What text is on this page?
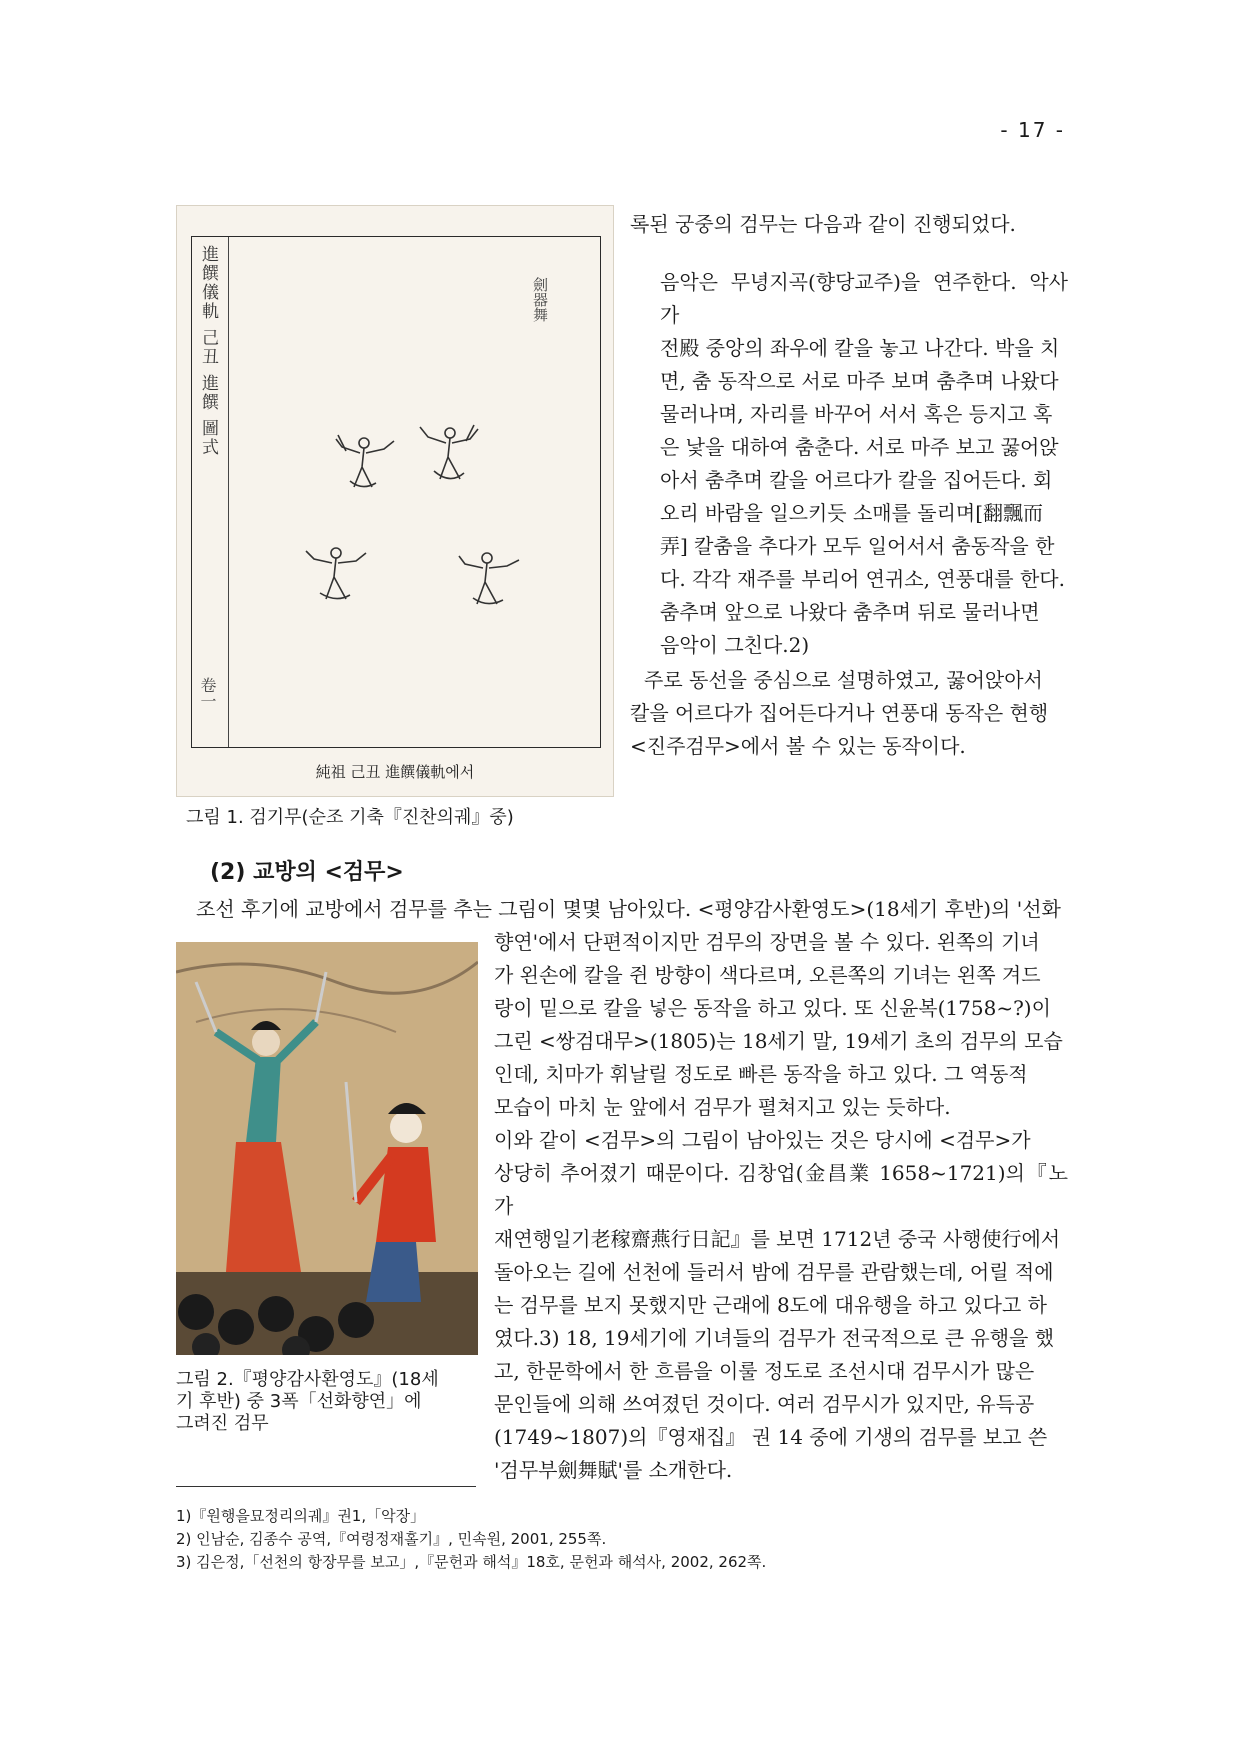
- 17 -
進饌儀軌 己丑 進饌 圖式
卷一
劍器舞
純祖 己丑 進饌儀軌에서
그림 1. 검기무(순조 기축『진찬의궤』중)
록된 궁중의 검무는 다음과 같이 진행되었다.
음악은 무녕지곡(향당교주)을 연주한다. 악사가
전殿 중앙의 좌우에 칼을 놓고 나간다. 박을 치
면, 춤 동작으로 서로 마주 보며 춤추며 나왔다
물러나며, 자리를 바꾸어 서서 혹은 등지고 혹
은 낯을 대하여 춤춘다. 서로 마주 보고 꿇어앉
아서 춤추며 칼을 어르다가 칼을 집어든다. 회
오리 바람을 일으키듯 소매를 돌리며[翻飄而
弄] 칼춤을 추다가 모두 일어서서 춤동작을 한
다. 각각 재주를 부리어 연귀소, 연풍대를 한다.
춤추며 앞으로 나왔다 춤추며 뒤로 물러나면
음악이 그친다.2)
주로 동선을 중심으로 설명하였고, 꿇어앉아서
칼을 어르다가 집어든다거나 연풍대 동작은 현행
<진주검무>에서 볼 수 있는 동작이다.
(2) 교방의 <검무>
조선 후기에 교방에서 검무를 추는 그림이 몇몇 남아있다. <평양감사환영도>(18세기 후반)의 '선화
그림 2.『평양감사환영도』(18세
기 후반) 중 3폭「선화향연」에
그려진 검무
향연'에서 단편적이지만 검무의 장면을 볼 수 있다. 왼쪽의 기녀
가 왼손에 칼을 쥔 방향이 색다르며, 오른쪽의 기녀는 왼쪽 겨드
랑이 밑으로 칼을 넣은 동작을 하고 있다. 또 신윤복(1758~?)이
그린 <쌍검대무>(1805)는 18세기 말, 19세기 초의 검무의 모습
인데, 치마가 휘날릴 정도로 빠른 동작을 하고 있다. 그 역동적
모습이 마치 눈 앞에서 검무가 펼쳐지고 있는 듯하다.
이와 같이 <검무>의 그림이 남아있는 것은 당시에 <검무>가
상당히 추어졌기 때문이다. 김창업(金昌業 1658~1721)의『노가
재연행일기老稼齋燕行日記』를 보면 1712년 중국 사행使行에서
돌아오는 길에 선천에 들러서 밤에 검무를 관람했는데, 어릴 적에
는 검무를 보지 못했지만 근래에 8도에 대유행을 하고 있다고 하
였다.3) 18, 19세기에 기녀들의 검무가 전국적으로 큰 유행을 했
고, 한문학에서 한 흐름을 이룰 정도로 조선시대 검무시가 많은
문인들에 의해 쓰여졌던 것이다. 여러 검무시가 있지만, 유득공
(1749~1807)의『영재집』 권 14 중에 기생의 검무를 보고 쓴
'검무부劍舞賦'를 소개한다.
1)『원행을묘정리의궤』권1,「악장」
2) 인남순, 김종수 공역,『여령정재홀기』, 민속원, 2001, 255쪽.
3) 김은정,「선천의 항장무를 보고」,『문헌과 해석』18호, 문헌과 해석사, 2002, 262쪽.
